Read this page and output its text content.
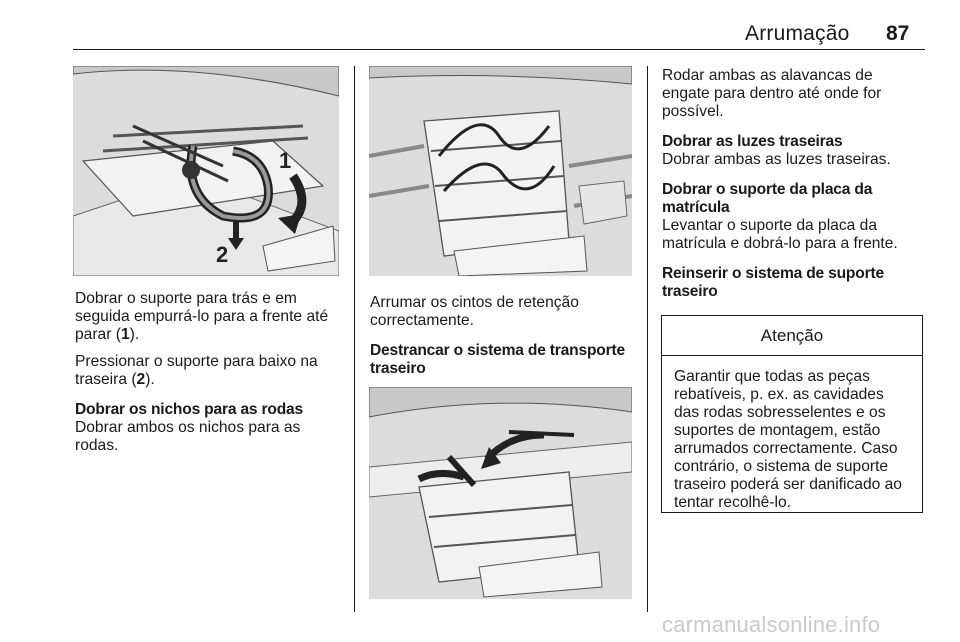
Arrumação 87
1
2

Dobrar o suporte para trás e em seguida empurrá-lo para a frente até parar (1).

Pressionar o suporte para baixo na traseira (2).

Dobrar os nichos para as rodas

Dobrar ambos os nichos para as rodas.

Arrumar os cintos de retenção correctamente.

Destrancar o sistema de transporte traseiro

Rodar ambas as alavancas de engate para dentro até onde for possível.

Dobrar as luzes traseiras

Dobrar ambas as luzes traseiras.

Dobrar o suporte da placa da matrícula

Levantar o suporte da placa da matrícula e dobrá-lo para a frente.

Reinserir o sistema de suporte traseiro

Atenção
Garantir que todas as peças rebatíveis, p. ex. as cavidades das rodas sobresselentes e os suportes de montagem, estão arrumados correctamente. Caso contrário, o sistema de suporte traseiro poderá ser danificado ao tentar recolhê-lo.
carmanualsonline.info
